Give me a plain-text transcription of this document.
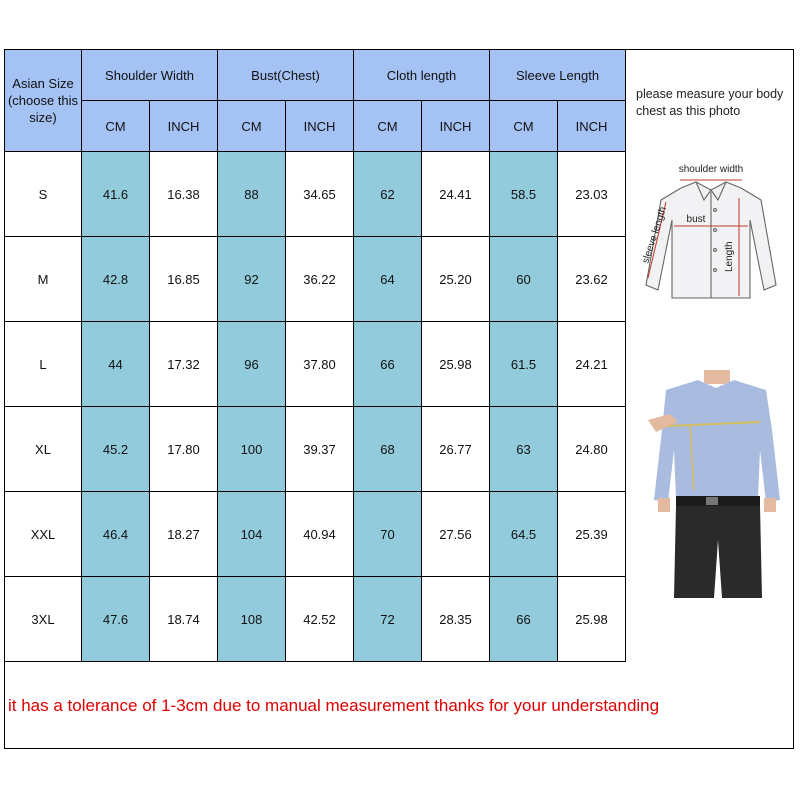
Asian Size
(choose this
size)	Shoulder Width		Bust(Chest)		Cloth length		Sleeve Length	
	CM	INCH	CM	INCH	CM	INCH	CM	INCH
S	41.6	16.38	88	34.65	62	24.41	58.5	23.03
M	42.8	16.85	92	36.22	64	25.20	60	23.62
L	44	17.32	96	37.80	66	25.98	61.5	24.21
XL	45.2	17.80	100	39.37	68	26.77	63	24.80
XXL	46.4	18.27	104	40.94	70	27.56	64.5	25.39
3XL	47.6	18.74	108	42.52	72	28.35	66	25.98
please measure your body chest as this photo
shoulder width
bust
sleeve length	Length
it has a tolerance of 1-3cm due to manual measurement thanks for your understanding
